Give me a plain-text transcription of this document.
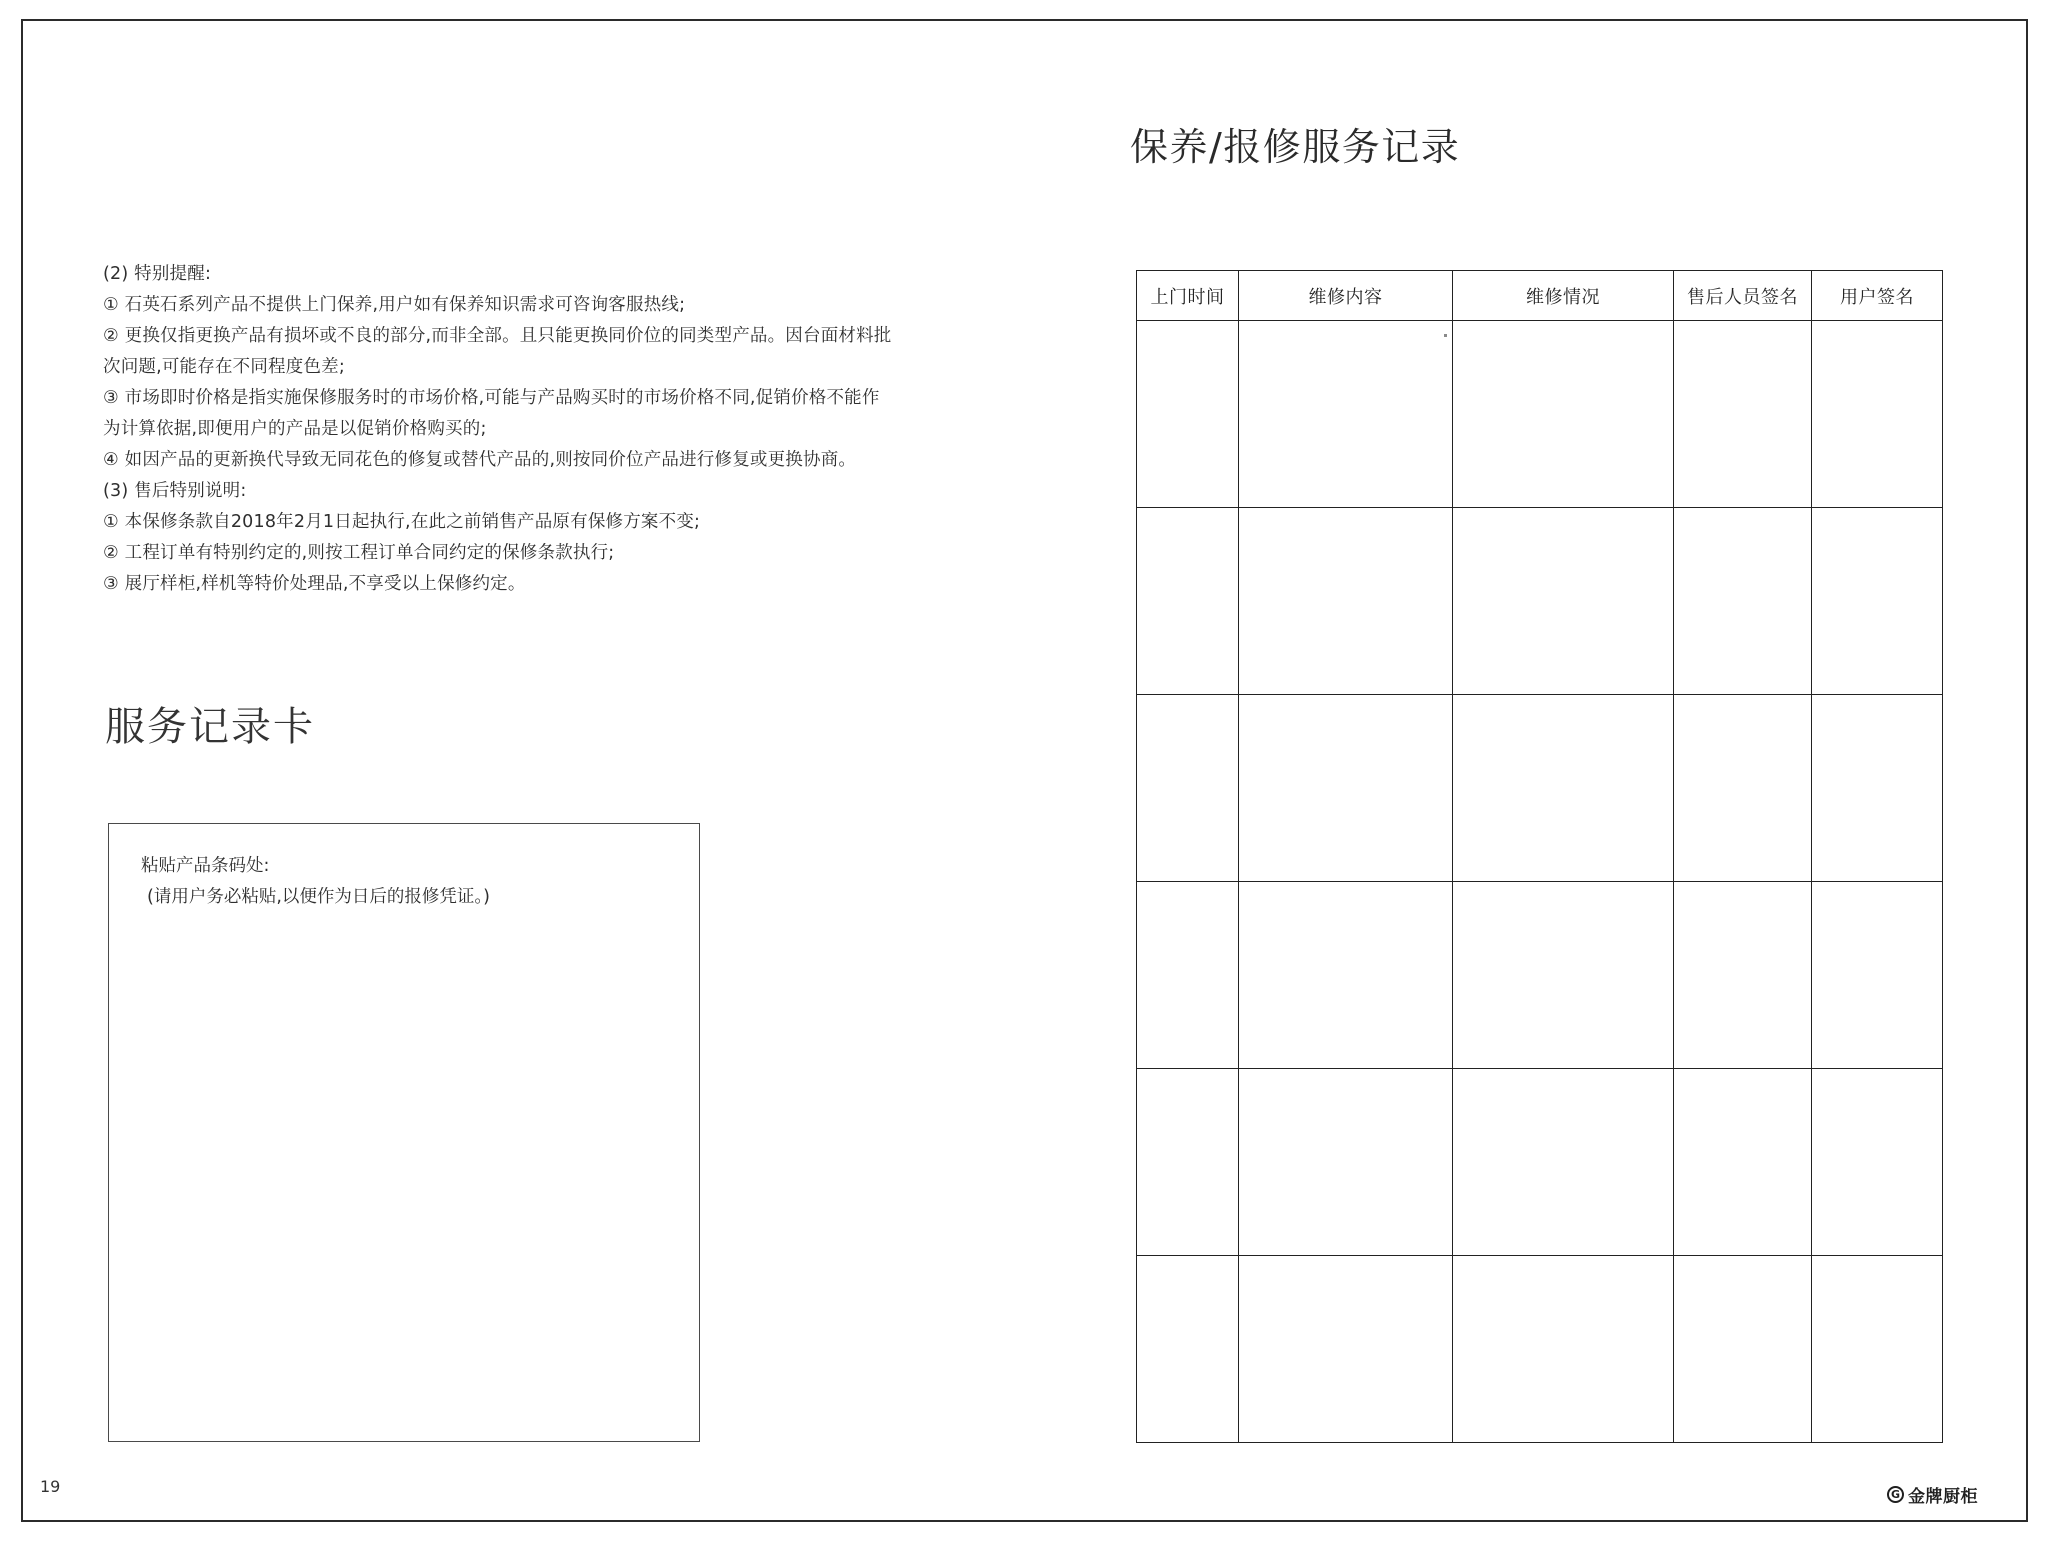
(2) 特别提醒:
① 石英石系列产品不提供上门保养,用户如有保养知识需求可咨询客服热线;
② 更换仅指更换产品有损坏或不良的部分,而非全部。且只能更换同价位的同类型产品。因台面材料批
次问题,可能存在不同程度色差;
③ 市场即时价格是指实施保修服务时的市场价格,可能与产品购买时的市场价格不同,促销价格不能作
为计算依据,即便用户的产品是以促销价格购买的;
④ 如因产品的更新换代导致无同花色的修复或替代产品的,则按同价位产品进行修复或更换协商。
(3) 售后特别说明:
① 本保修条款自2018年2月1日起执行,在此之前销售产品原有保修方案不变;
② 工程订单有特别约定的,则按工程订单合同约定的保修条款执行;
③ 展厅样柜,样机等特价处理品,不享受以上保修约定。
服务记录卡
粘贴产品条码处:
(请用户务必粘贴,以便作为日后的报修凭证。)
保养/报修服务记录
上门时间	维修内容	维修情况	售后人员签名	用户签名

19	G 金牌厨柜
